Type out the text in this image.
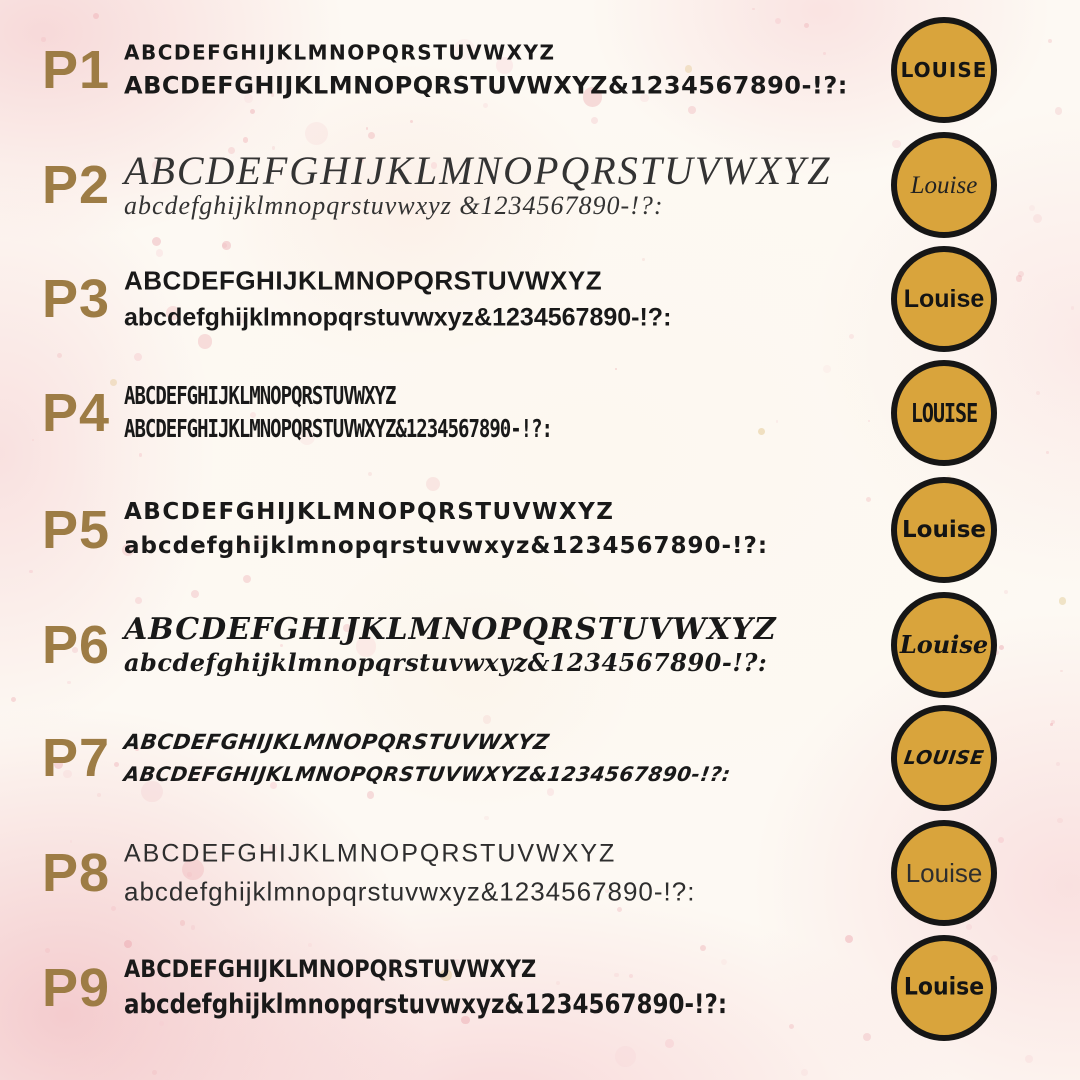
P1 ABCDEFGHIJKLMNOPQRSTUVWXYZ
ABCDEFGHIJKLMNOPQRSTUVWXYZ&1234567890-!?:
LOUISE
P2 ABCDEFGHIJKLMNOPQRSTUVWXYZ
abcdefghijklmnopqrstuvwxyz &1234567890-!?:
Louise
P3 ABCDEFGHIJKLMNOPQRSTUVWXYZ
abcdefghijklmnopqrstuvwxyz&1234567890-!?:
Louise
P4 ABCDEFGHIJKLMNOPQRSTUVWXYZ
ABCDEFGHIJKLMNOPQRSTUVWXYZ&1234567890-!?:
LOUISE
P5 ABCDEFGHIJKLMNOPQRSTUVWXYZ
abcdefghijklmnopqrstuvwxyz&1234567890-!?:
Louise
P6 ABCDEFGHIJKLMNOPQRSTUVWXYZ
abcdefghijklmnopqrstuvwxyz&1234567890-!?:
Louise
P7 ABCDEFGHIJKLMNOPQRSTUVWXYZ
ABCDEFGHIJKLMNOPQRSTUVWXYZ&1234567890-!?:
LOUISE
P8 ABCDEFGHIJKLMNOPQRSTUVWXYZ
abcdefghijklmnopqrstuvwxyz&1234567890-!?:
Louise
P9 ABCDEFGHIJKLMNOPQRSTUVWXYZ
abcdefghijklmnopqrstuvwxyz&1234567890-!?:
Louise
